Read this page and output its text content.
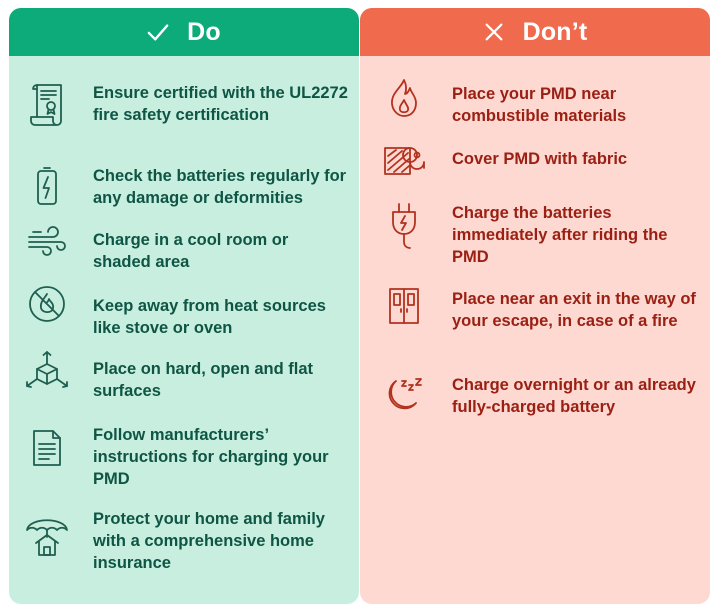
Do
Ensure certified with the UL2272 fire safety certification
Check the batteries regularly for any damage or deformities
Charge in a cool room or shaded area
Keep away from heat sources like stove or oven
Place on hard, open and flat surfaces
Follow manufacturers’ instructions for charging your PMD
Protect your home and family with a comprehensive home insurance
Don’t
Place your PMD near combustible materials
Cover PMD with fabric
Charge the batteries immediately after riding the PMD
Place near an exit in the way of your escape, in case of a fire
Charge overnight or an already fully-charged battery
